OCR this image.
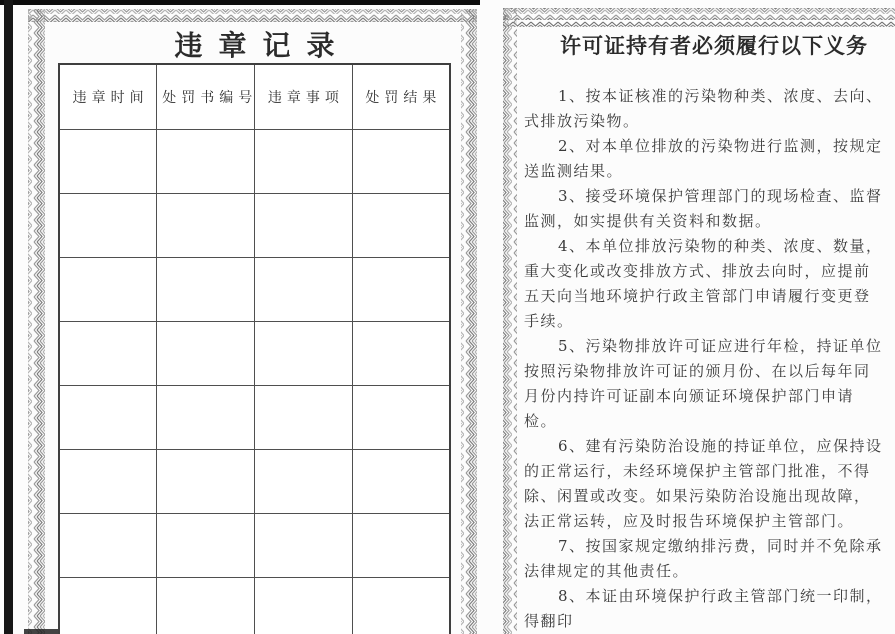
违章记录
违章时间	处罚书编号	违章事项	处罚结果

许可证持有者必须履行以下义务
1、按本证核准的污染物种类、浓度、去向、
式排放污染物。
2、对本单位排放的污染物进行监测，按规定
送监测结果。
3、接受环境保护管理部门的现场检查、监督
监测，如实提供有关资料和数据。
4、本单位排放污染物的种类、浓度、数量，
重大变化或改变排放方式、排放去向时，应提前
五天向当地环境护行政主管部门申请履行变更登
手续。
5、污染物排放许可证应进行年检，持证单位
按照污染物排放许可证的颁月份、在以后每年同
月份内持许可证副本向颁证环境保护部门申请
检。
6、建有污染防治设施的持证单位，应保持设
的正常运行，未经环境保护主管部门批准，不得
除、闲置或改变。如果污染防治设施出现故障，
法正常运转，应及时报告环境保护主管部门。
7、按国家规定缴纳排污费，同时并不免除承
法律规定的其他责任。
8、本证由环境保护行政主管部门统一印制，
得翻印
